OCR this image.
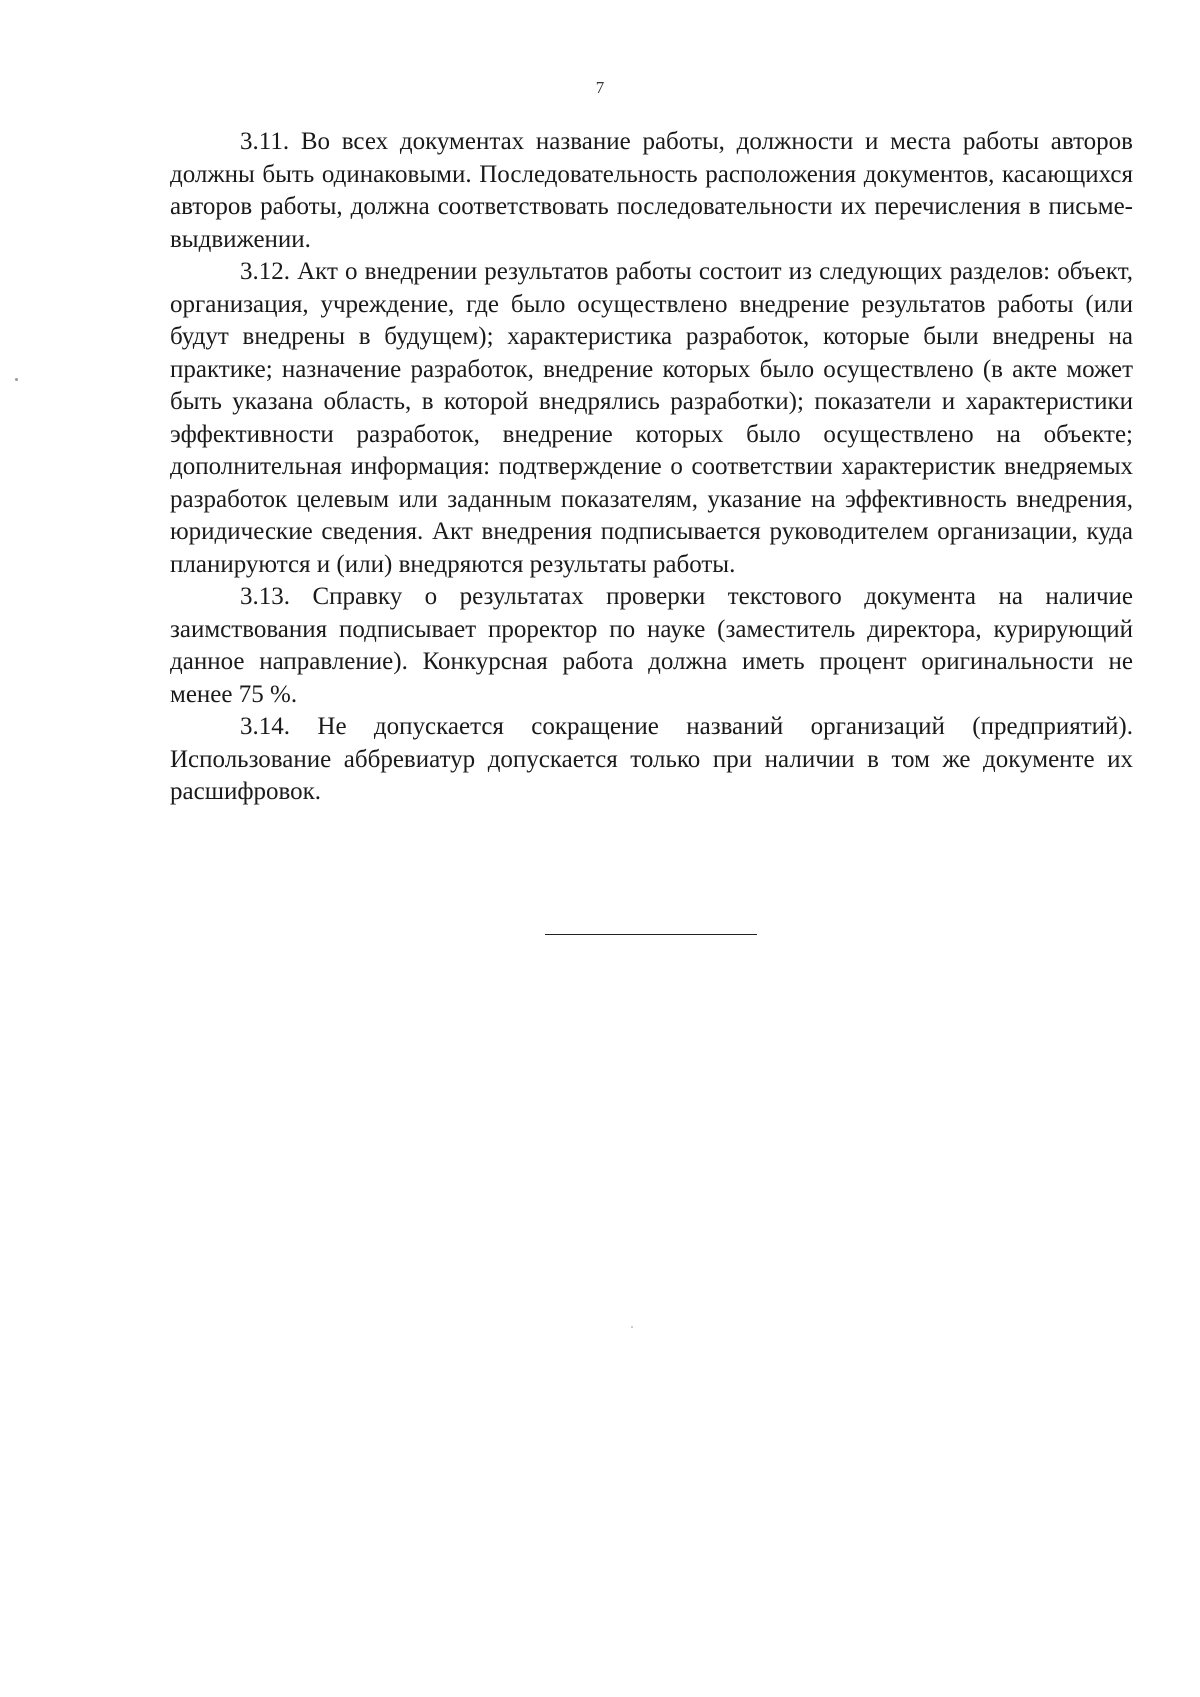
7

3.11. Во всех документах название работы, должности и места работы авторов должны быть одинаковыми. Последовательность расположения документов, касающихся авторов работы, должна соответствовать последовательности их перечисления в письме-выдвижении.

3.12. Акт о внедрении результатов работы состоит из следующих разделов: объект, организация, учреждение, где было осуществлено внедрение результатов работы (или будут внедрены в будущем); характеристика разработок, которые были внедрены на практике; назначение разработок, внедрение которых было осуществлено (в акте может быть указана область, в которой внедрялись разработки); показатели и характеристики эффективности разработок, внедрение которых было осуществлено на объекте; дополнительная информация: подтверждение о соответствии характеристик внедряемых разработок целевым или заданным показателям, указание на эффективность внедрения, юридические сведения. Акт внедрения подписывается руководителем организации, куда планируются и (или) внедряются результаты работы.

3.13. Справку о результатах проверки текстового документа на наличие заимствования подписывает проректор по науке (заместитель директора, курирующий данное направление). Конкурсная работа должна иметь процент оригинальности не менее 75 %.

3.14. Не допускается сокращение названий организаций (предприятий). Использование аббревиатур допускается только при наличии в том же документе их расшифровок.
